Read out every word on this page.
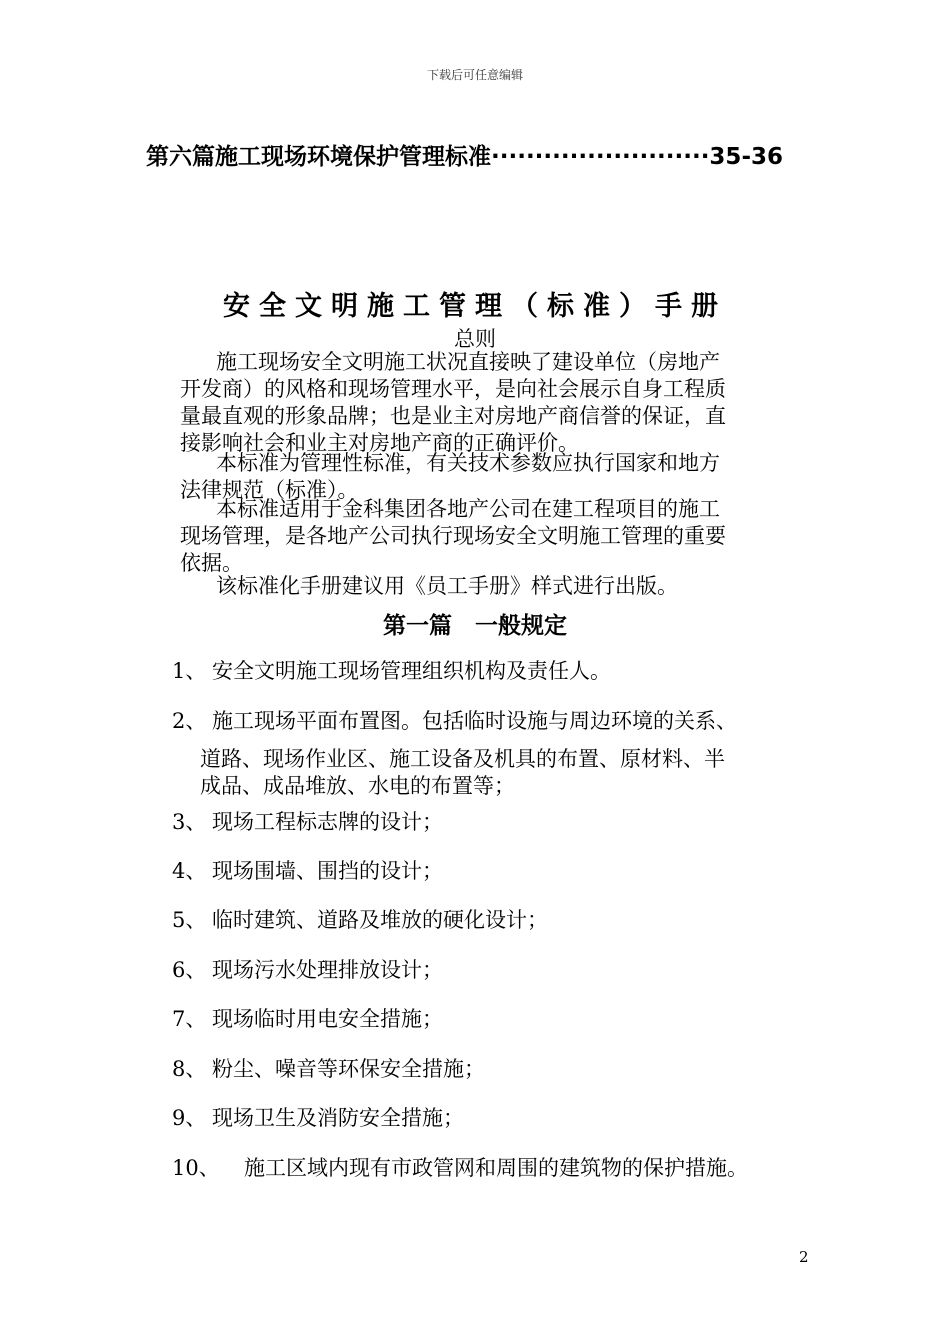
下载后可任意编辑
第六篇施工现场环境保护管理标准·························35-36
安全文明施工管理（标准）手册
总则
施工现场安全文明施工状况直接映了建设单位（房地产
开发商）的风格和现场管理水平，是向社会展示自身工程质
量最直观的形象品牌；也是业主对房地产商信誉的保证，直
接影响社会和业主对房地产商的正确评价。
本标准为管理性标准，有关技术参数应执行国家和地方
法律规范（标准）。
本标准适用于金科集团各地产公司在建工程项目的施工
现场管理，是各地产公司执行现场安全文明施工管理的重要
依据。
该标准化手册建议用《员工手册》样式进行出版。
第一篇　一般规定
1、 安全文明施工现场管理组织机构及责任人。
2、 施工现场平面布置图。包括临时设施与周边环境的关系、
道路、现场作业区、施工设备及机具的布置、原材料、半
成品、成品堆放、水电的布置等；
3、 现场工程标志牌的设计；
4、 现场围墙、围挡的设计；
5、 临时建筑、道路及堆放的硬化设计；
6、 现场污水处理排放设计；
7、 现场临时用电安全措施；
8、 粉尘、噪音等环保安全措施；
9、 现场卫生及消防安全措施；
10、 施工区域内现有市政管网和周围的建筑物的保护措施。
2
